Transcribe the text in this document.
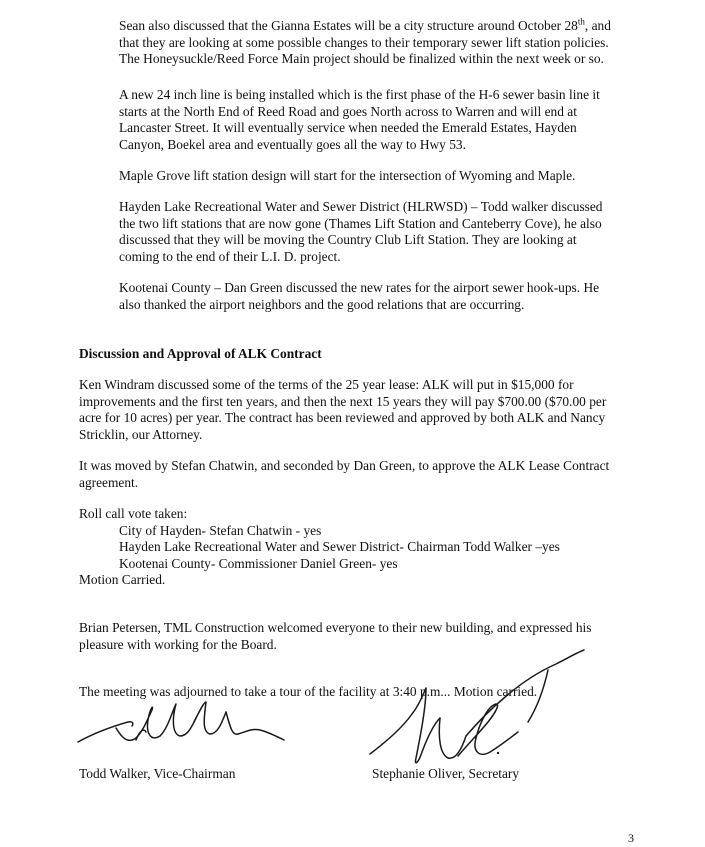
Sean also discussed that the Gianna Estates will be a city structure around October 28th, and
that they are looking at some possible changes to their temporary sewer lift station policies.
The Honeysuckle/Reed Force Main project should be finalized within the next week or so.

A new 24 inch line is being installed which is the first phase of the H-6 sewer basin line it
starts at the North End of Reed Road and goes North across to Warren and will end at
Lancaster Street. It will eventually service when needed the Emerald Estates, Hayden
Canyon, Boekel area and eventually goes all the way to Hwy 53.

Maple Grove lift station design will start for the intersection of Wyoming and Maple.

Hayden Lake Recreational Water and Sewer District (HLRWSD) – Todd walker discussed
the two lift stations that are now gone (Thames Lift Station and Canteberry Cove), he also
discussed that they will be moving the Country Club Lift Station. They are looking at
coming to the end of their L.I. D. project.

Kootenai County – Dan Green discussed the new rates for the airport sewer hook-ups. He
also thanked the airport neighbors and the good relations that are occurring.

Discussion and Approval of ALK Contract

Ken Windram discussed some of the terms of the 25 year lease: ALK will put in $15,000 for
improvements and the first ten years, and then the next 15 years they will pay $700.00 ($70.00 per
acre for 10 acres) per year. The contract has been reviewed and approved by both ALK and Nancy
Stricklin, our Attorney.

It was moved by Stefan Chatwin, and seconded by Dan Green, to approve the ALK Lease Contract
agreement.

Roll call vote taken:
City of Hayden- Stefan Chatwin - yes
Hayden Lake Recreational Water and Sewer District- Chairman Todd Walker –yes
Kootenai County- Commissioner Daniel Green- yes
Motion Carried.

Brian Petersen, TML Construction welcomed everyone to their new building, and expressed his
pleasure with working for the Board.

The meeting was adjourned to take a tour of the facility at 3:40 p.m... Motion carried.

Todd Walker, Vice-Chairman	Stephanie Oliver, Secretary

3
